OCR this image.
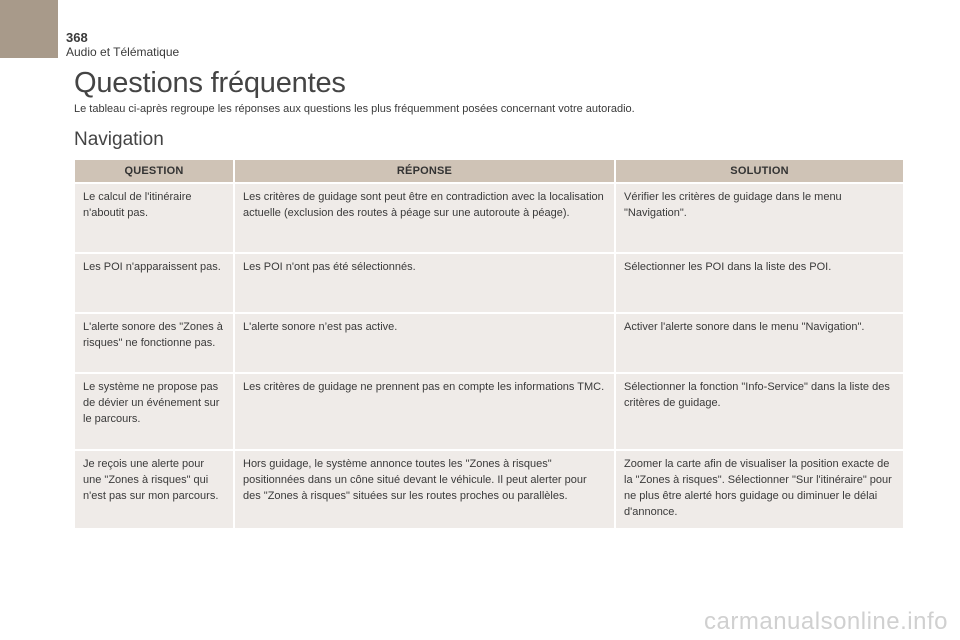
368
Audio et Télématique
Questions fréquentes
Le tableau ci-après regroupe les réponses aux questions les plus fréquemment posées concernant votre autoradio.
Navigation
QUESTION	RÉPONSE	SOLUTION
Le calcul de l'itinéraire n'aboutit pas.	Les critères de guidage sont peut être en contradiction avec la localisation actuelle (exclusion des routes à péage sur une autoroute à péage).	Vérifier les critères de guidage dans le menu "Navigation".
Les POI n'apparaissent pas.	Les POI n'ont pas été sélectionnés.	Sélectionner les POI dans la liste des POI.
L'alerte sonore des "Zones à risques" ne fonctionne pas.	L'alerte sonore n’est pas active.	Activer l'alerte sonore dans le menu "Navigation".
Le système ne propose pas de dévier un événement sur le parcours.	Les critères de guidage ne prennent pas en compte les informations TMC.	Sélectionner la fonction "Info-Service" dans la liste des critères de guidage.
Je reçois une alerte pour une "Zones à risques" qui n'est pas sur mon parcours.	Hors guidage, le système annonce toutes les "Zones à risques" positionnées dans un cône situé devant le véhicule. Il peut alerter pour des "Zones à risques" situées sur les routes proches ou parallèles.	Zoomer la carte afin de visualiser la position exacte de la "Zones à risques". Sélectionner "Sur l'itinéraire" pour ne plus être alerté hors guidage ou diminuer le délai d'annonce.
carmanualsonline.info
